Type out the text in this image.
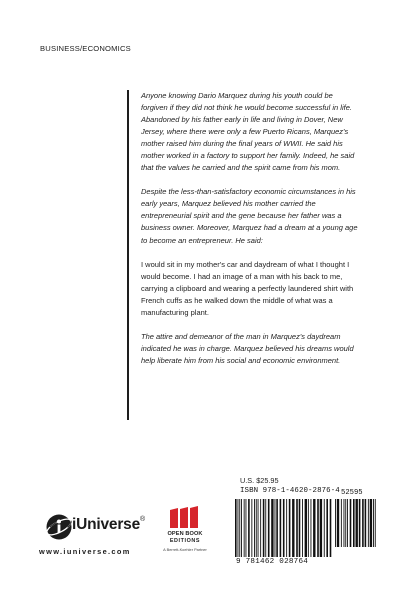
BUSINESS/ECONOMICS

Anyone knowing Dario Marquez during his youth could be forgiven if they did not think he would become successful in life. Abandoned by his father early in life and living in Dover, New Jersey, where there were only a few Puerto Ricans, Marquez's mother raised him during the final years of WWII. He said his mother worked in a factory to support her family. Indeed, he said that the values he carried and the spirit came from his mom.

Despite the less-than-satisfactory economic circumstances in his early years, Marquez believed his mother carried the entrepreneurial spirit and the gene because her father was a business owner. Moreover, Marquez had a dream at a young age to become an entrepreneur. He said:

I would sit in my mother's car and daydream of what I thought I would become. I had an image of a man with his back to me, carrying a clipboard and wearing a perfectly laundered shirt with French cuffs as he walked down the middle of what was a manufacturing plant.

The attire and demeanor of the man in Marquez's daydream indicated he was in charge. Marquez believed his dreams would help liberate him from his social and economic environment.

iUniverse®
www.iuniverse.com
OPEN BOOK
EDITIONS
A Berrett-Koehler Partner
U.S. $25.95
ISBN 978-1-4620-2876-4 52595
9 781462 028764
